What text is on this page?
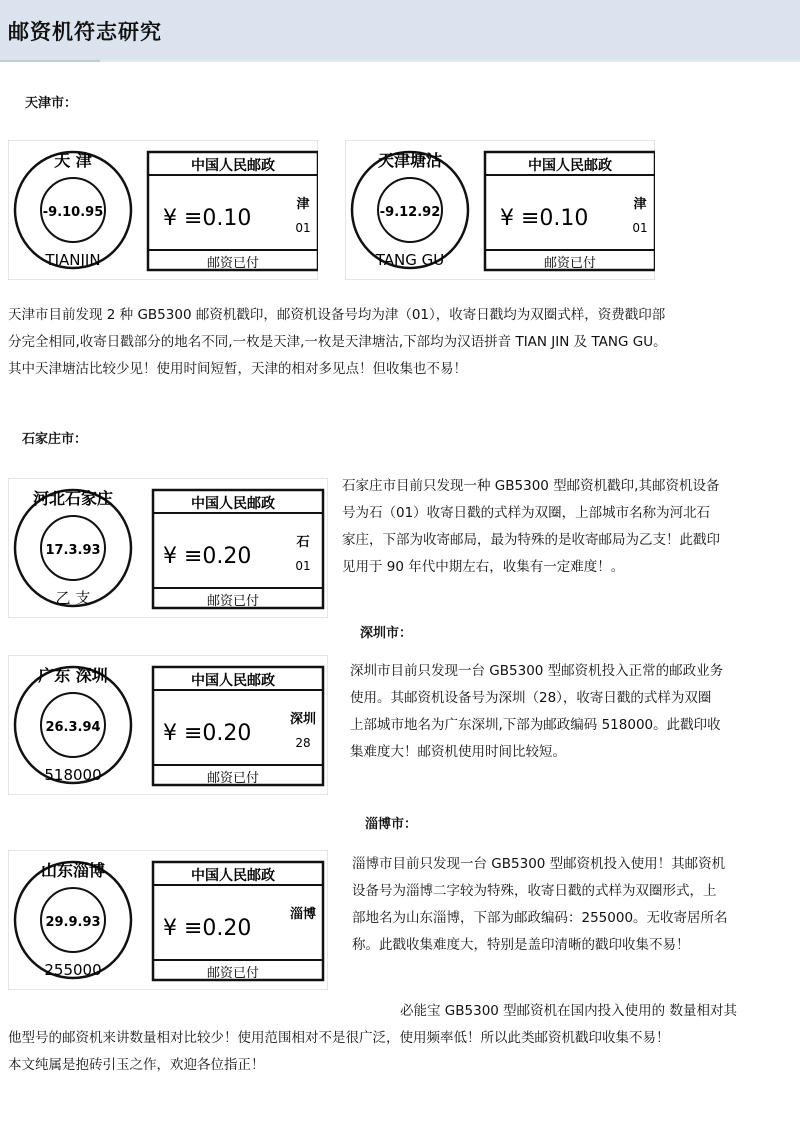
邮资机符志研究
天津市：
天 津
-9.10.95
TIANJIN
中国人民邮政
¥ ≡0.10
津
01
邮资已付
天津塘沽
-9.12.92
TANG GU
中国人民邮政
¥ ≡0.10
津
01
邮资已付
天津市目前发现 2 种 GB5300 邮资机戳印，邮资机设备号均为津（01），收寄日戳均为双圈式样，资费戳印部
分完全相同,收寄日戳部分的地名不同,一枚是天津,一枚是天津塘沽,下部均为汉语拼音 TIAN JIN 及 TANG GU。
其中天津塘沽比较少见！使用时间短暂，天津的相对多见点！但收集也不易！
石家庄市：
河北石家庄
17.3.93
乙 支
中国人民邮政
¥ ≡0.20
石
01
邮资已付
石家庄市目前只发现一种 GB5300 型邮资机戳印,其邮资机设备
号为石（01）收寄日戳的式样为双圈，上部城市名称为河北石
家庄，下部为收寄邮局，最为特殊的是收寄邮局为乙支！此戳印
见用于 90 年代中期左右，收集有一定难度！。
深圳市：
广东 深圳
26.3.94
518000
中国人民邮政
¥ ≡0.20
深圳
28
邮资已付
深圳市目前只发现一台 GB5300 型邮资机投入正常的邮政业务
使用。其邮资机设备号为深圳（28），收寄日戳的式样为双圈
上部城市地名为广东深圳,下部为邮政编码 518000。此戳印收
集难度大！邮资机使用时间比较短。
淄博市：
山东淄博
29.9.93
255000
中国人民邮政
¥ ≡0.20
淄博
邮资已付
淄博市目前只发现一台 GB5300 型邮资机投入使用！其邮资机
设备号为淄博二字较为特殊，收寄日戳的式样为双圈形式，上
部地名为山东淄博，下部为邮政编码：255000。无收寄居所名
称。此戳收集难度大，特别是盖印清晰的戳印收集不易！
必能宝 GB5300 型邮资机在国内投入使用的 数量相对其
他型号的邮资机来讲数量相对比较少！使用范围相对不是很广泛，使用频率低！所以此类邮资机戳印收集不易！
本文纯属是抱砖引玉之作，欢迎各位指正！
